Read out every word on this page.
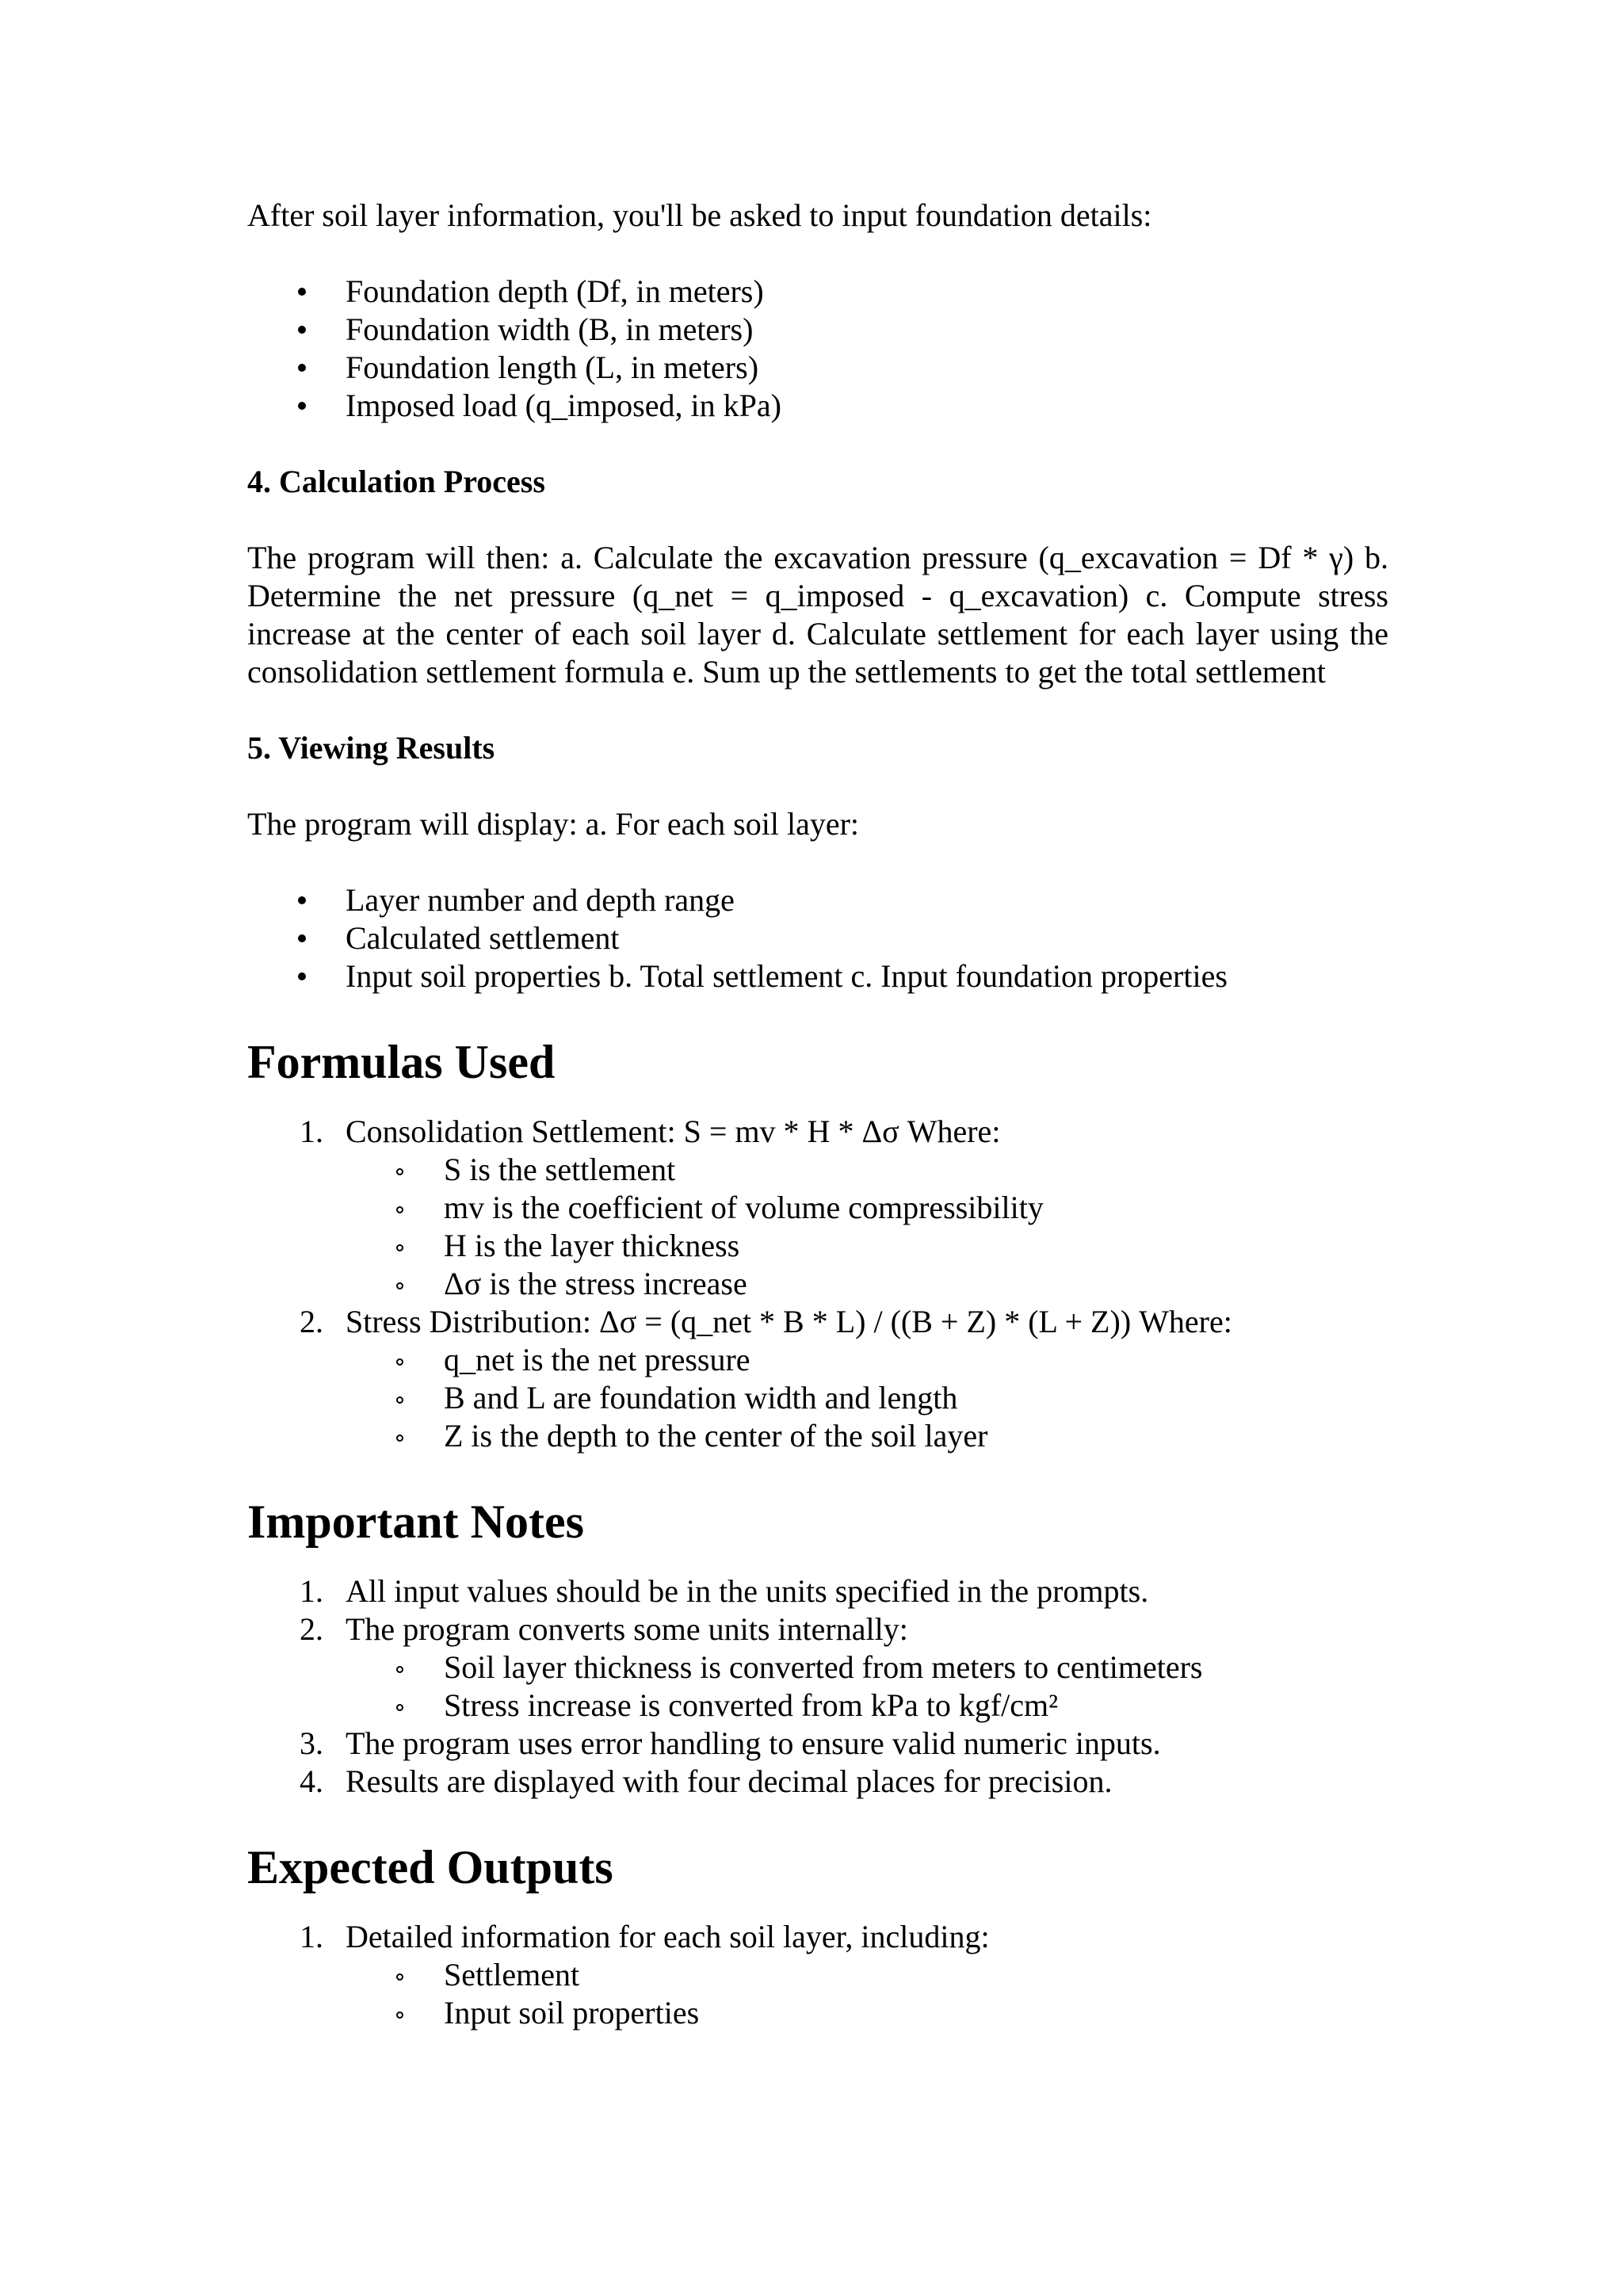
After soil layer information, you'll be asked to input foundation details:

Foundation depth (Df, in meters)
Foundation width (B, in meters)
Foundation length (L, in meters)
Imposed load (q_imposed, in kPa)
4. Calculation Process

The program will then: a. Calculate the excavation pressure (q_excavation = Df * γ) b. Determine the net pressure (q_net = q_imposed - q_excavation) c. Compute stress increase at the center of each soil layer d. Calculate settlement for each layer using the consolidation settlement formula e. Sum up the settlements to get the total settlement

5. Viewing Results

The program will display: a. For each soil layer:

Layer number and depth range
Calculated settlement
Input soil properties b. Total settlement c. Input foundation properties
Formulas Used
1. Consolidation Settlement: S = mv * H * Δσ Where:
S is the settlement
mv is the coefficient of volume compressibility
H is the layer thickness
Δσ is the stress increase
2. Stress Distribution: Δσ = (q_net * B * L) / ((B + Z) * (L + Z)) Where:
q_net is the net pressure
B and L are foundation width and length
Z is the depth to the center of the soil layer
Important Notes
1. All input values should be in the units specified in the prompts.
2. The program converts some units internally:
Soil layer thickness is converted from meters to centimeters
Stress increase is converted from kPa to kgf/cm²
3. The program uses error handling to ensure valid numeric inputs.
4. Results are displayed with four decimal places for precision.
Expected Outputs
1. Detailed information for each soil layer, including:
Settlement
Input soil properties
